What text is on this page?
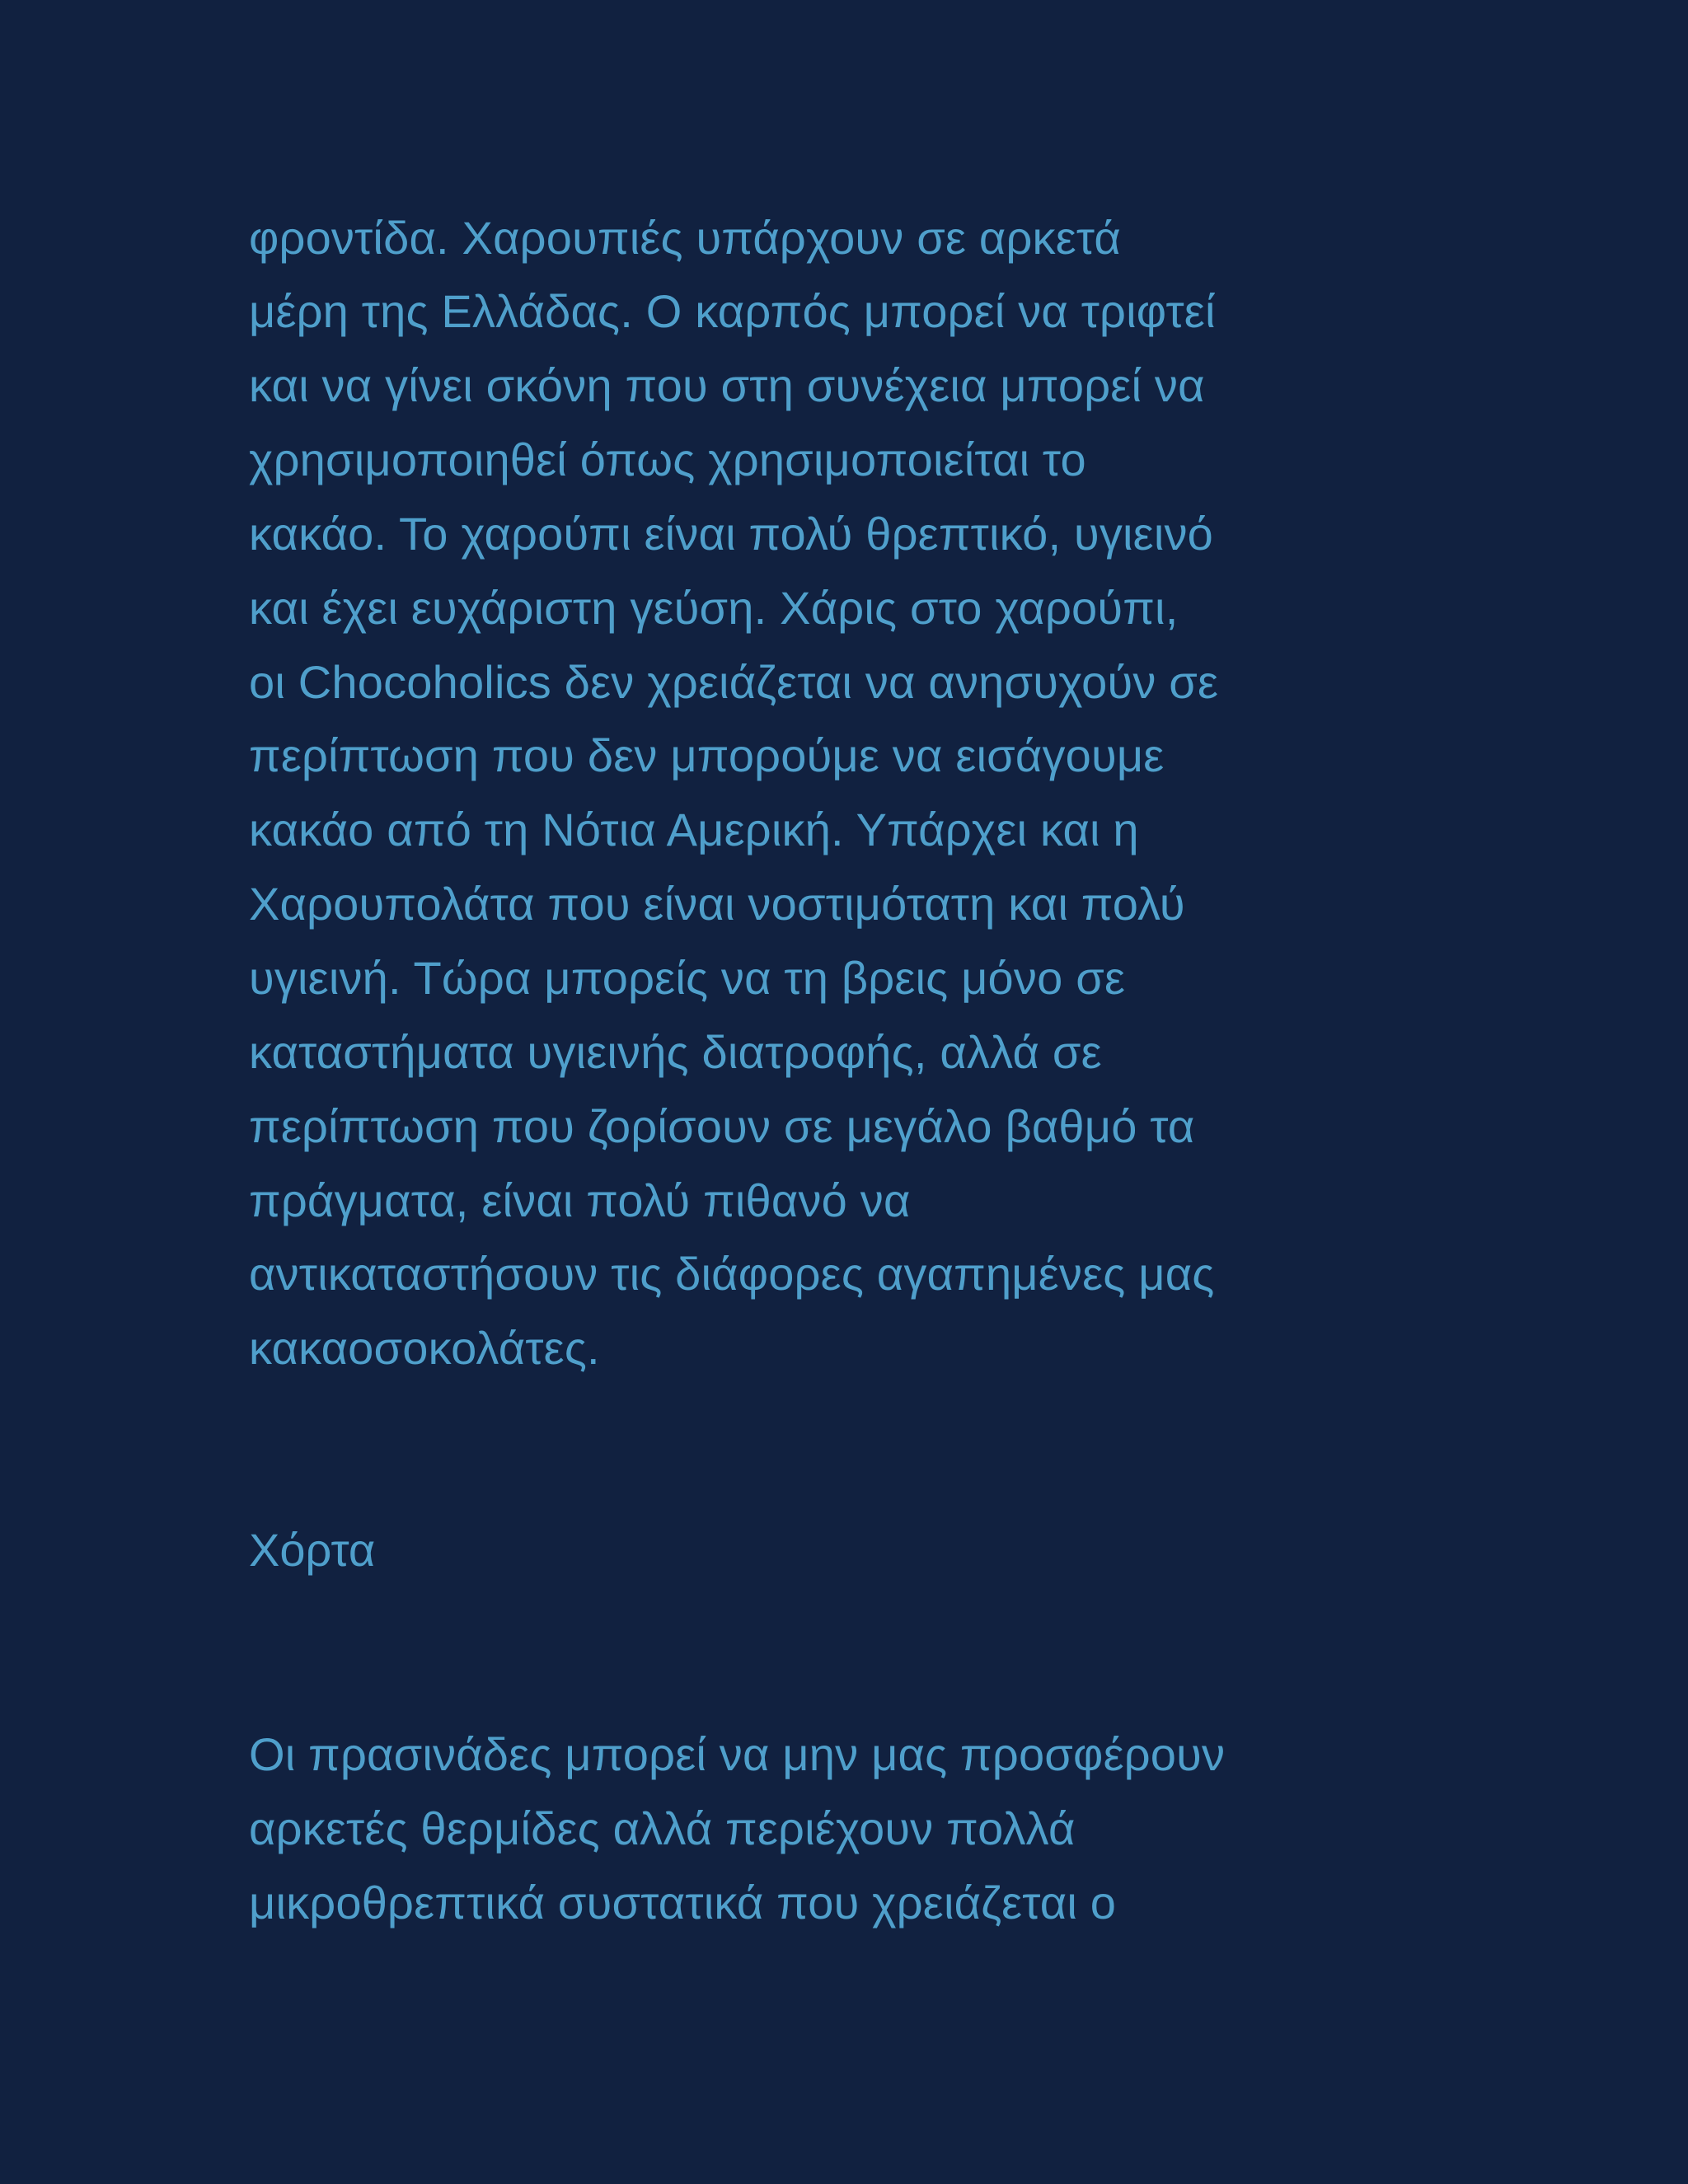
φροντίδα. Χαρουπιές υπάρχουν σε αρκετά
μέρη της Ελλάδας. Ο καρπός μπορεί να τριφτεί
και να γίνει σκόνη που στη συνέχεια μπορεί να
χρησιμοποιηθεί όπως χρησιμοποιείται το
κακάο. Το χαρούπι είναι πολύ θρεπτικό, υγιεινό
και έχει ευχάριστη γεύση. Χάρις στο χαρούπι,
οι Chocoholics δεν χρειάζεται να ανησυχούν σε
περίπτωση που δεν μπορούμε να εισάγουμε
κακάο από τη Νότια Αμερική. Υπάρχει και η
Χαρουπολάτα που είναι νοστιμότατη και πολύ
υγιεινή. Τώρα μπορείς να τη βρεις μόνο σε
καταστήματα υγιεινής διατροφής, αλλά σε
περίπτωση που ζορίσουν σε μεγάλο βαθμό τα
πράγματα, είναι πολύ πιθανό να
αντικαταστήσουν τις διάφορες αγαπημένες μας
κακαοσοκολάτες.
Χόρτα
Οι πρασινάδες μπορεί να μην μας προσφέρουν
αρκετές θερμίδες αλλά περιέχουν πολλά
μικροθρεπτικά συστατικά που χρειάζεται ο
